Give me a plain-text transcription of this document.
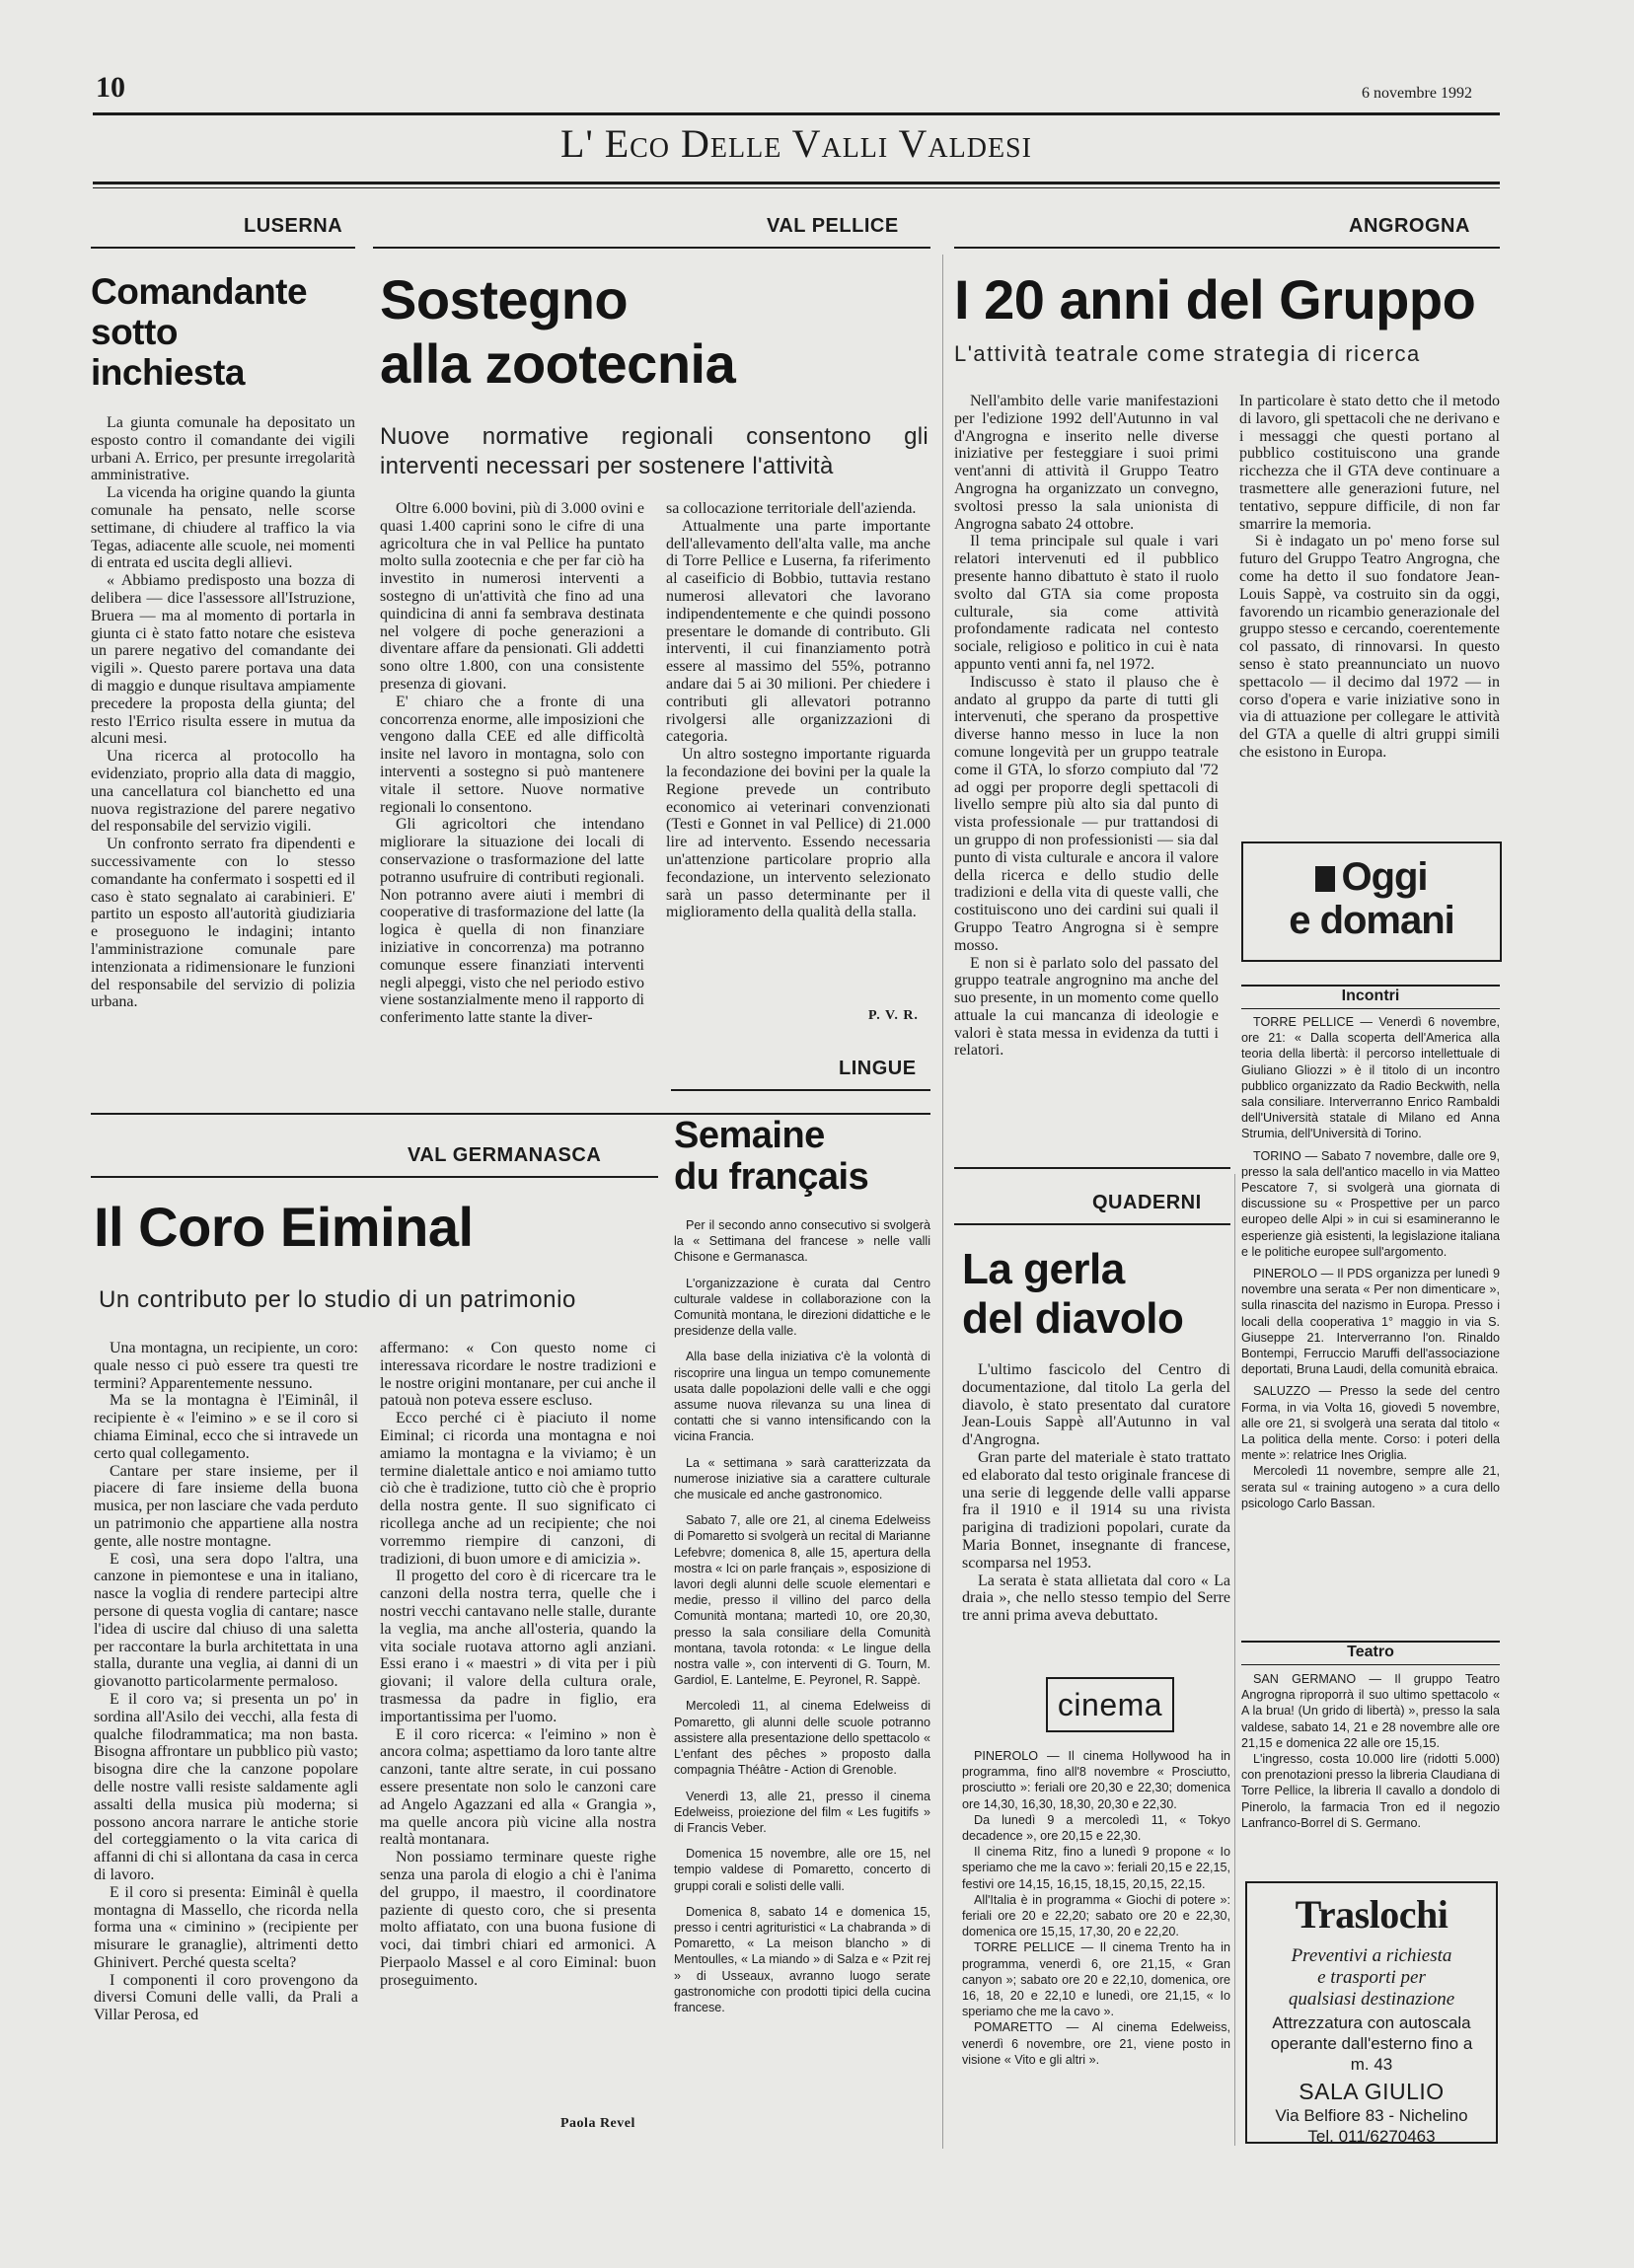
10	6 novembre 1992
L' Eco Delle Valli Valdesi
LUSERNA	VAL PELLICE	ANGROGNA
Comandante sotto inchiesta

La giunta comunale ha depositato un esposto contro il comandante dei vigili urbani A. Errico, per presunte irregolarità amministrative.

La vicenda ha origine quando la giunta comunale ha pensato, nelle scorse settimane, di chiudere al traffico la via Tegas, adiacente alle scuole, nei momenti di entrata ed uscita degli allievi.

« Abbiamo predisposto una bozza di delibera — dice l'assessore all'Istruzione, Bruera — ma al momento di portarla in giunta ci è stato fatto notare che esisteva un parere negativo del comandante dei vigili ». Questo parere portava una data di maggio e dunque risultava ampiamente precedere la proposta della giunta; del resto l'Errico risulta essere in mutua da alcuni mesi.

Una ricerca al protocollo ha evidenziato, proprio alla data di maggio, una cancellatura col bianchetto ed una nuova registrazione del parere negativo del responsabile del servizio vigili.

Un confronto serrato fra dipendenti e successivamente con lo stesso comandante ha confermato i sospetti ed il caso è stato segnalato ai carabinieri. E' partito un esposto all'autorità giudiziaria e proseguono le indagini; intanto l'amministrazione comunale pare intenzionata a ridimensionare le funzioni del responsabile del servizio di polizia urbana.

Sostegno
alla zootecnia
Nuove normative regionali consentono gli interventi necessari per sostenere l'attività

Oltre 6.000 bovini, più di 3.000 ovini e quasi 1.400 caprini sono le cifre di una agricoltura che in val Pellice ha puntato molto sulla zootecnia e che per far ciò ha investito in numerosi interventi a sostegno di un'attività che fino ad una quindicina di anni fa sembrava destinata nel volgere di poche generazioni a diventare affare da pensionati. Gli addetti sono oltre 1.800, con una consistente presenza di giovani.

E' chiaro che a fronte di una concorrenza enorme, alle imposizioni che vengono dalla CEE ed alle difficoltà insite nel lavoro in montagna, solo con interventi a sostegno si può mantenere vitale il settore. Nuove normative regionali lo consentono.

Gli agricoltori che intendano migliorare la situazione dei locali di conservazione o trasformazione del latte potranno usufruire di contributi regionali. Non potranno avere aiuti i membri di cooperative di trasformazione del latte (la logica è quella di non finanziare iniziative in concorrenza) ma potranno comunque essere finanziati interventi negli alpeggi, visto che nel periodo estivo viene sostanzialmente meno il rapporto di conferimento latte stante la diver-

sa collocazione territoriale dell'azienda.

Attualmente una parte importante dell'allevamento dell'alta valle, ma anche di Torre Pellice e Luserna, fa riferimento al caseificio di Bobbio, tuttavia restano numerosi allevatori che lavorano indipendentemente e che quindi possono presentare le domande di contributo. Gli interventi, il cui finanziamento potrà essere al massimo del 55%, potranno andare dai 5 ai 30 milioni. Per chiedere i contributi gli allevatori potranno rivolgersi alle organizzazioni di categoria.

Un altro sostegno importante riguarda la fecondazione dei bovini per la quale la Regione prevede un contributo economico ai veterinari convenzionati (Testi e Gonnet in val Pellice) di 21.000 lire ad intervento. Essendo necessaria un'attenzione particolare proprio alla fecondazione, un intervento selezionato sarà un passo determinante per il miglioramento della qualità della stalla.

P. V. R.
I 20 anni del Gruppo
L'attività teatrale come strategia di ricerca

Nell'ambito delle varie manifestazioni per l'edizione 1992 dell'Autunno in val d'Angrogna e inserito nelle diverse iniziative per festeggiare i suoi primi vent'anni di attività il Gruppo Teatro Angrogna ha organizzato un convegno, svoltosi presso la sala unionista di Angrogna sabato 24 ottobre.

Il tema principale sul quale i vari relatori intervenuti ed il pubblico presente hanno dibattuto è stato il ruolo svolto dal GTA sia come proposta culturale, sia come attività profondamente radicata nel contesto sociale, religioso e politico in cui è nata appunto venti anni fa, nel 1972.

Indiscusso è stato il plauso che è andato al gruppo da parte di tutti gli intervenuti, che sperano da prospettive diverse hanno messo in luce la non comune longevità per un gruppo teatrale come il GTA, lo sforzo compiuto dal '72 ad oggi per proporre degli spettacoli di livello sempre più alto sia dal punto di vista professionale — pur trattandosi di un gruppo di non professionisti — sia dal punto di vista culturale e ancora il valore della ricerca e dello studio delle tradizioni e della vita di queste valli, che costituiscono uno dei cardini sui quali il Gruppo Teatro Angrogna si è sempre mosso.

E non si è parlato solo del passato del gruppo teatrale angrognino ma anche del suo presente, in un momento come quello attuale la cui mancanza di ideologie e valori è stata messa in evidenza da tutti i relatori.

In particolare è stato detto che il metodo di lavoro, gli spettacoli che ne derivano e i messaggi che questi portano al pubblico costituiscono una grande ricchezza che il GTA deve continuare a trasmettere alle generazioni future, nel tentativo, seppure difficile, di non far smarrire la memoria.

Si è indagato un po' meno forse sul futuro del Gruppo Teatro Angrogna, che come ha detto il suo fondatore Jean-Louis Sappè, va costruito sin da oggi, favorendo un ricambio generazionale del gruppo stesso e cercando, coerentemente col passato, di rinnovarsi. In questo senso è stato preannunciato un nuovo spettacolo — il decimo dal 1972 — in corso d'opera e varie iniziative sono in via di attuazione per collegare le attività del GTA a quelle di altri gruppi simili che esistono in Europa.

Oggi
e domani
Incontri

TORRE PELLICE — Venerdì 6 novembre, ore 21: « Dalla scoperta dell'America alla teoria della libertà: il percorso intellettuale di Giuliano Gliozzi » è il titolo di un incontro pubblico organizzato da Radio Beckwith, nella sala consiliare. Interverranno Enrico Rambaldi dell'Università statale di Milano ed Anna Strumia, dell'Università di Torino.

TORINO — Sabato 7 novembre, dalle ore 9, presso la sala dell'antico macello in via Matteo Pescatore 7, si svolgerà una giornata di discussione su « Prospettive per un parco europeo delle Alpi » in cui si esamineranno le esperienze già esistenti, la legislazione italiana e le politiche europee sull'argomento.

PINEROLO — Il PDS organizza per lunedì 9 novembre una serata « Per non dimenticare », sulla rinascita del nazismo in Europa. Presso i locali della cooperativa 1° maggio in via S. Giuseppe 21. Interverranno l'on. Rinaldo Bontempi, Ferruccio Maruffi dell'associazione deportati, Bruna Laudi, della comunità ebraica.

SALUZZO — Presso la sede del centro Forma, in via Volta 16, giovedì 5 novembre, alle ore 21, si svolgerà una serata dal titolo « La politica della mente. Corso: i poteri della mente »: relatrice Ines Origlia.

Mercoledì 11 novembre, sempre alle 21, serata sul « training autogeno » a cura dello psicologo Carlo Bassan.

Teatro

SAN GERMANO — Il gruppo Teatro Angrogna riproporrà il suo ultimo spettacolo « A la brua! (Un grido di libertà) », presso la sala valdese, sabato 14, 21 e 28 novembre alle ore 21,15 e domenica 22 alle ore 15,15.

L'ingresso, costa 10.000 lire (ridotti 5.000) con prenotazioni presso la libreria Claudiana di Torre Pellice, la libreria Il cavallo a dondolo di Pinerolo, la farmacia Tron ed il negozio Lanfranco-Borrel di S. Germano.

Traslochi
Preventivi a richiesta
e trasporti per
qualsiasi destinazione
Attrezzatura con autoscala
operante dall'esterno fino a
m. 43
SALA GIULIO
Via Belfiore 83 - Nichelino
Tel. 011/6270463
VAL GERMANASCA
Il Coro Eiminal
Un contributo per lo studio di un patrimonio

Una montagna, un recipiente, un coro: quale nesso ci può essere tra questi tre termini? Apparentemente nessuno.

Ma se la montagna è l'Eiminâl, il recipiente è « l'eimino » e se il coro si chiama Eiminal, ecco che si intravede un certo qual collegamento.

Cantare per stare insieme, per il piacere di fare insieme della buona musica, per non lasciare che vada perduto un patrimonio che appartiene alla nostra gente, alle nostre montagne.

E così, una sera dopo l'altra, una canzone in piemontese e una in italiano, nasce la voglia di rendere partecipi altre persone di questa voglia di cantare; nasce l'idea di uscire dal chiuso di una saletta per raccontare la burla architettata in una stalla, durante una veglia, ai danni di un giovanotto particolarmente permaloso.

E il coro va; si presenta un po' in sordina all'Asilo dei vecchi, alla festa di qualche filodrammatica; ma non basta. Bisogna affrontare un pubblico più vasto; bisogna dire che la canzone popolare delle nostre valli resiste saldamente agli assalti della musica più moderna; si possono ancora narrare le antiche storie del corteggiamento o la vita carica di affanni di chi si allontana da casa in cerca di lavoro.

E il coro si presenta: Eiminâl è quella montagna di Massello, che ricorda nella forma una « ciminino » (recipiente per misurare le granaglie), altrimenti detto Ghinivert. Perché questa scelta?

I componenti il coro provengono da diversi Comuni delle valli, da Prali a Villar Perosa, ed

affermano: « Con questo nome ci interessava ricordare le nostre tradizioni e le nostre origini montanare, per cui anche il patouà non poteva essere escluso.

Ecco perché ci è piaciuto il nome Eiminal; ci ricorda una montagna e noi amiamo la montagna e la viviamo; è un termine dialettale antico e noi amiamo tutto ciò che è tradizione, tutto ciò che è proprio della nostra gente. Il suo significato ci ricollega anche ad un recipiente; che noi vorremmo riempire di canzoni, di tradizioni, di buon umore e di amicizia ».

Il progetto del coro è di ricercare tra le canzoni della nostra terra, quelle che i nostri vecchi cantavano nelle stalle, durante la veglia, ma anche all'osteria, quando la vita sociale ruotava attorno agli anziani. Essi erano i « maestri » di vita per i più giovani; il valore della cultura orale, trasmessa da padre in figlio, era importantissima per l'uomo.

E il coro ricerca: « l'eimino » non è ancora colma; aspettiamo da loro tante altre canzoni, tante altre serate, in cui possano essere presentate non solo le canzoni care ad Angelo Agazzani ed alla « Grangia », ma quelle ancora più vicine alla nostra realtà montanara.

Non possiamo terminare queste righe senza una parola di elogio a chi è l'anima del gruppo, il maestro, il coordinatore paziente di questo coro, che si presenta molto affiatato, con una buona fusione di voci, dai timbri chiari ed armonici. A Pierpaolo Massel e al coro Eiminal: buon proseguimento.

Paola Revel
LINGUE
Semaine
du français

Per il secondo anno consecutivo si svolgerà la « Settimana del francese » nelle valli Chisone e Germanasca.

L'organizzazione è curata dal Centro culturale valdese in collaborazione con la Comunità montana, le direzioni didattiche e le presidenze della valle.

Alla base della iniziativa c'è la volontà di riscoprire una lingua un tempo comunemente usata dalle popolazioni delle valli e che oggi assume nuova rilevanza su una linea di contatti che si vanno intensificando con la vicina Francia.

La « settimana » sarà caratterizzata da numerose iniziative sia a carattere culturale che musicale ed anche gastronomico.

Sabato 7, alle ore 21, al cinema Edelweiss di Pomaretto si svolgerà un recital di Marianne Lefebvre; domenica 8, alle 15, apertura della mostra « Ici on parle français », esposizione di lavori degli alunni delle scuole elementari e medie, presso il villino del parco della Comunità montana; martedì 10, ore 20,30, presso la sala consiliare della Comunità montana, tavola rotonda: « Le lingue della nostra valle », con interventi di G. Tourn, M. Gardiol, E. Lantelme, E. Peyronel, R. Sappè.

Mercoledì 11, al cinema Edelweiss di Pomaretto, gli alunni delle scuole potranno assistere alla presentazione dello spettacolo « L'enfant des pêches » proposto dalla compagnia Théâtre - Action di Grenoble.

Venerdì 13, alle 21, presso il cinema Edelweiss, proiezione del film « Les fugitifs » di Francis Veber.

Domenica 15 novembre, alle ore 15, nel tempio valdese di Pomaretto, concerto di gruppi corali e solisti delle valli.

Domenica 8, sabato 14 e domenica 15, presso i centri agrituristici « La chabranda » di Pomaretto, « La meison blancho » di Mentoulles, « La miando » di Salza e « Pzit rej » di Usseaux, avranno luogo serate gastronomiche con prodotti tipici della cucina francese.

QUADERNI
La gerla
del diavolo

L'ultimo fascicolo del Centro di documentazione, dal titolo La gerla del diavolo, è stato presentato dal curatore Jean-Louis Sappè all'Autunno in val d'Angrogna.

Gran parte del materiale è stato trattato ed elaborato dal testo originale francese di una serie di leggende delle valli apparse fra il 1910 e il 1914 su una rivista parigina di tradizioni popolari, curate da Maria Bonnet, insegnante di francese, scomparsa nel 1953.

La serata è stata allietata dal coro « La draia », che nello stesso tempio del Serre tre anni prima aveva debuttato.

cinema

PINEROLO — Il cinema Hollywood ha in programma, fino all'8 novembre « Prosciutto, prosciutto »: feriali ore 20,30 e 22,30; domenica ore 14,30, 16,30, 18,30, 20,30 e 22,30.

Da lunedì 9 a mercoledì 11, « Tokyo decadence », ore 20,15 e 22,30.

Il cinema Ritz, fino a lunedì 9 propone « Io speriamo che me la cavo »: feriali 20,15 e 22,15, festivi ore 14,15, 16,15, 18,15, 20,15, 22,15.

All'Italia è in programma « Giochi di potere »: feriali ore 20 e 22,20; sabato ore 20 e 22,30, domenica ore 15,15, 17,30, 20 e 22,20.

TORRE PELLICE — Il cinema Trento ha in programma, venerdì 6, ore 21,15, « Gran canyon »; sabato ore 20 e 22,10, domenica, ore 16, 18, 20 e 22,10 e lunedì, ore 21,15, « Io speriamo che me la cavo ».

POMARETTO — Al cinema Edelweiss, venerdì 6 novembre, ore 21, viene posto in visione « Vito e gli altri ».
